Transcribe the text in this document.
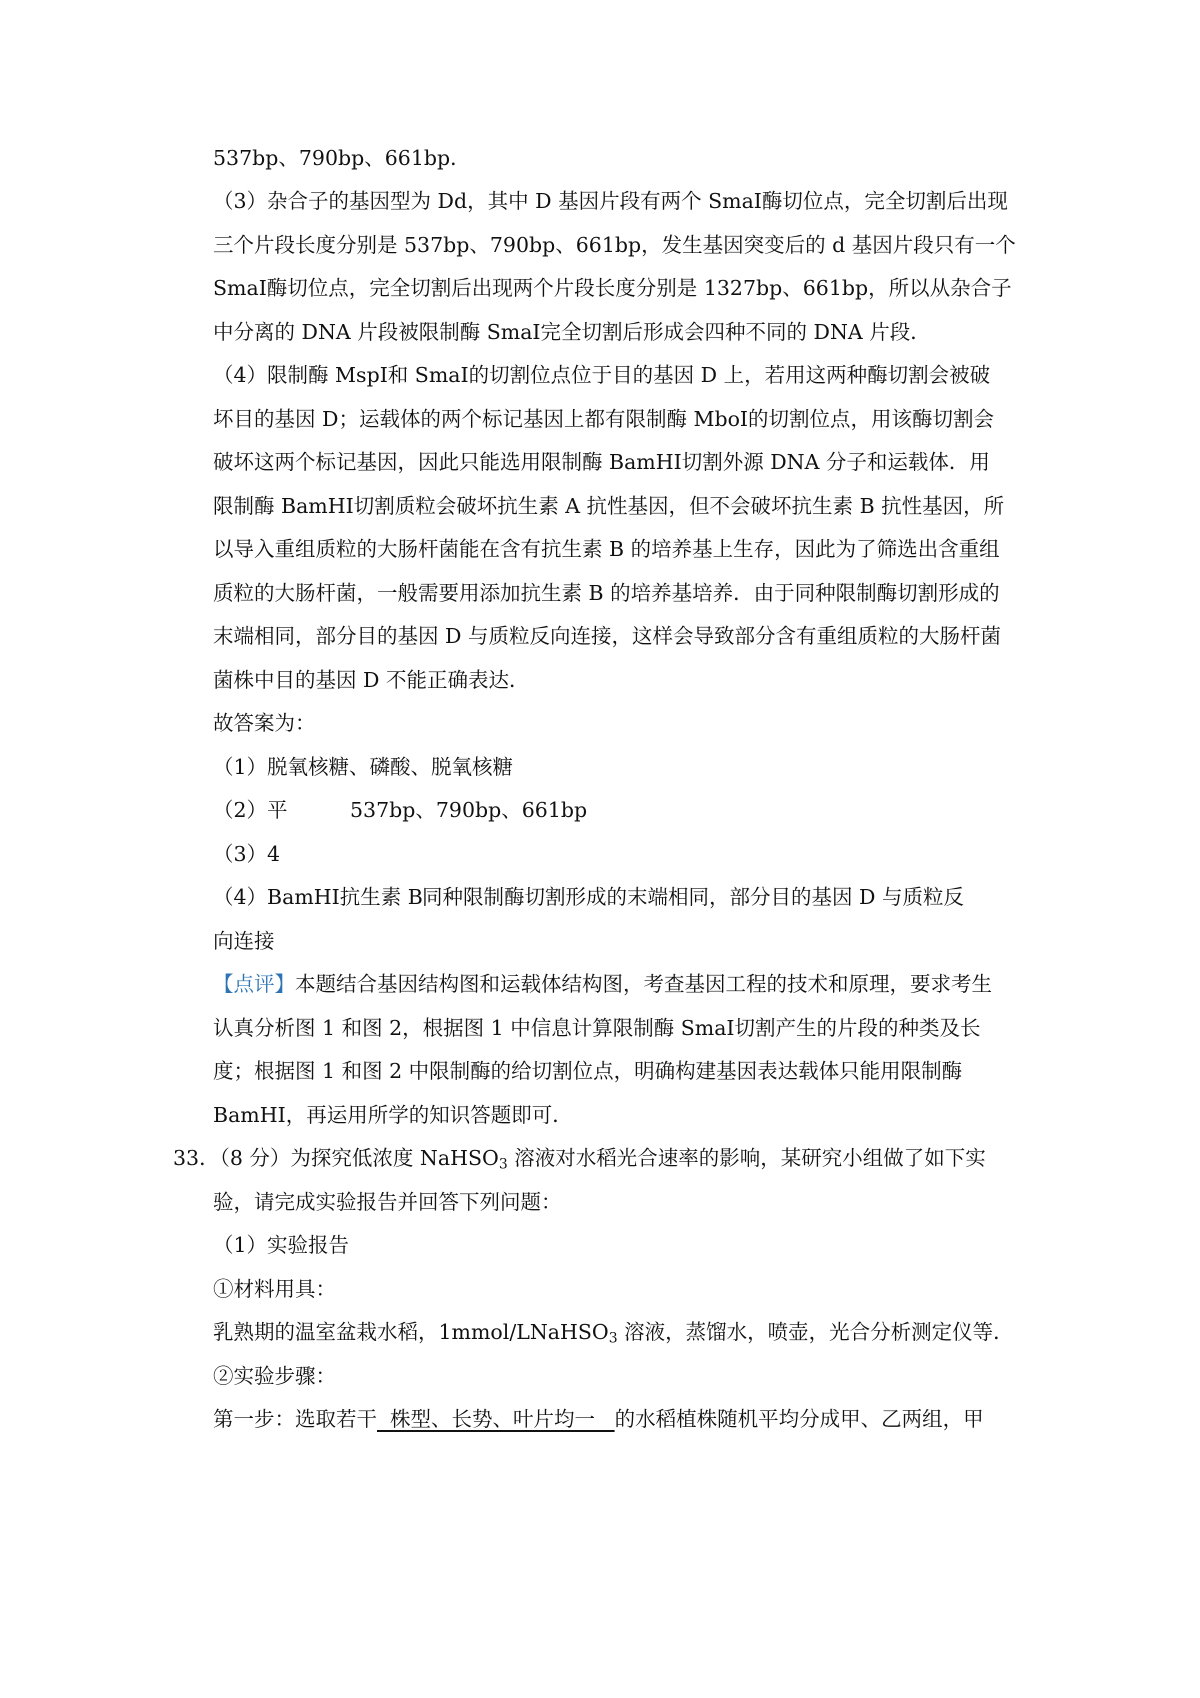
537bp、790bp、661bp．
（3）杂合子的基因型为 Dd，其中 D 基因片段有两个 SmaⅠ酶切位点，完全切割后出现
三个片段长度分别是 537bp、790bp、661bp，发生基因突变后的 d 基因片段只有一个
SmaⅠ酶切位点，完全切割后出现两个片段长度分别是 1327bp、661bp，所以从杂合子
中分离的 DNA 片段被限制酶 SmaⅠ完全切割后形成会四种不同的 DNA 片段．
（4）限制酶 MspⅠ和 SmaⅠ的切割位点位于目的基因 D 上，若用这两种酶切割会被破
坏目的基因 D；运载体的两个标记基因上都有限制酶 MboⅠ的切割位点，用该酶切割会
破坏这两个标记基因，因此只能选用限制酶 BamHⅠ切割外源 DNA 分子和运载体．用
限制酶 BamHⅠ切割质粒会破坏抗生素 A 抗性基因，但不会破坏抗生素 B 抗性基因，所
以导入重组质粒的大肠杆菌能在含有抗生素 B 的培养基上生存，因此为了筛选出含重组
质粒的大肠杆菌，一般需要用添加抗生素 B 的培养基培养．由于同种限制酶切割形成的
末端相同，部分目的基因 D 与质粒反向连接，这样会导致部分含有重组质粒的大肠杆菌
菌株中目的基因 D 不能正确表达．
故答案为：
（1）脱氧核糖、磷酸、脱氧核糖
（2）平	537bp、790bp、661bp
（3）4
（4）BamHⅠ抗生素 B 同种限制酶切割形成的末端相同，部分目的基因 D 与质粒反
向连接
【点评】本题结合基因结构图和运载体结构图，考查基因工程的技术和原理，要求考生
认真分析图 1 和图 2，根据图 1 中信息计算限制酶 SmaⅠ切割产生的片段的种类及长
度；根据图 1 和图 2 中限制酶的给切割位点，明确构建基因表达载体只能用限制酶
BamHⅠ，再运用所学的知识答题即可．
33．（8 分）为探究低浓度 NaHSO$_3$ 溶液对水稻光合速率的影响，某研究小组做了如下实
验，请完成实验报告并回答下列问题：
（1）实验报告
①材料用具：
乳熟期的温室盆栽水稻，1mmol/LNaHSO$_3$ 溶液，蒸馏水，喷壶，光合分析测定仪等．
②实验步骤：
第一步：选取若干  株型、长势、叶片均一   的水稻植株随机平均分成甲、乙两组，甲
